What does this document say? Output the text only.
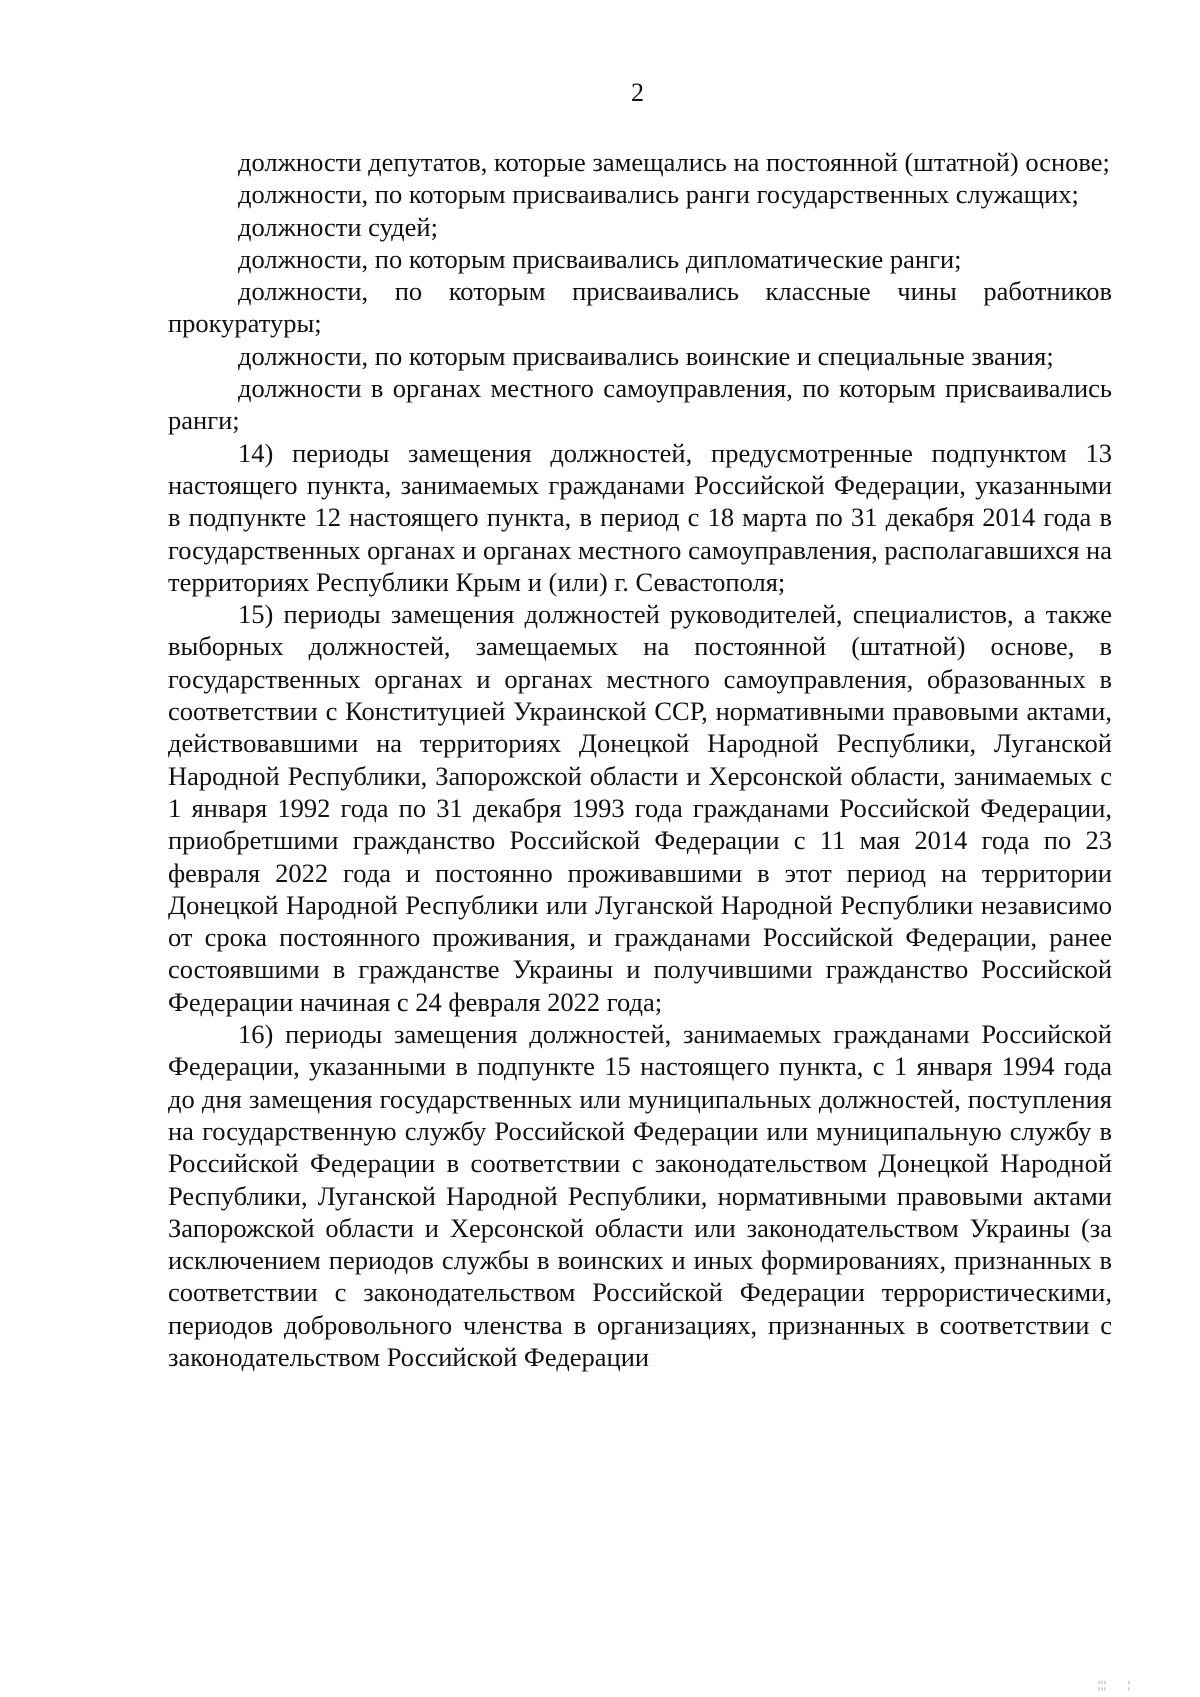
2

должности депутатов, которые замещались на постоянной (штатной) основе;

должности, по которым присваивались ранги государственных служащих;

должности судей;

должности, по которым присваивались дипломатические ранги;

должности, по которым присваивались классные чины работников прокуратуры;

должности, по которым присваивались воинские и специальные звания;

должности в органах местного самоуправления, по которым присваивались ранги;

14) периоды замещения должностей, предусмотренные подпунктом 13 настоящего пункта, занимаемых гражданами Российской Федерации, указанными в подпункте 12 настоящего пункта, в период с 18 марта по 31 декабря 2014 года в государственных органах и органах местного самоуправления, располагавшихся на территориях Республики Крым и (или) г. Севастополя;

15) периоды замещения должностей руководителей, специалистов, а также выборных должностей, замещаемых на постоянной (штатной) основе, в государственных органах и органах местного самоуправления, образованных в соответствии с Конституцией Украинской ССР, нормативными правовыми актами, действовавшими на территориях Донецкой Народной Республики, Луганской Народной Республики, Запорожской области и Херсонской области, занимаемых с 1 января 1992 года по 31 декабря 1993 года гражданами Российской Федерации, приобретшими гражданство Российской Федерации с 11 мая 2014 года по 23 февраля 2022 года и постоянно проживавшими в этот период на территории Донецкой Народной Республики или Луганской Народной Республики независимо от срока постоянного проживания, и гражданами Российской Федерации, ранее состоявшими в гражданстве Украины и получившими гражданство Российской Федерации начиная с 24 февраля 2022 года;

16) периоды замещения должностей, занимаемых гражданами Российской Федерации, указанными в подпункте 15 настоящего пункта, с 1 января 1994 года до дня замещения государственных или муниципальных должностей, поступления на государственную службу Российской Федерации или муниципальную службу в Российской Федерации в соответствии с законодательством Донецкой Народной Республики, Луганской Народной Республики, нормативными правовыми актами Запорожской области и Херсонской области или законодательством Украины (за исключением периодов службы в воинских и иных формированиях, признанных в соответствии с законодательством Российской Федерации террористическими, периодов добровольного членства в организациях, признанных в соответствии с законодательством Российской Федерации

¦¦¦      ¦
